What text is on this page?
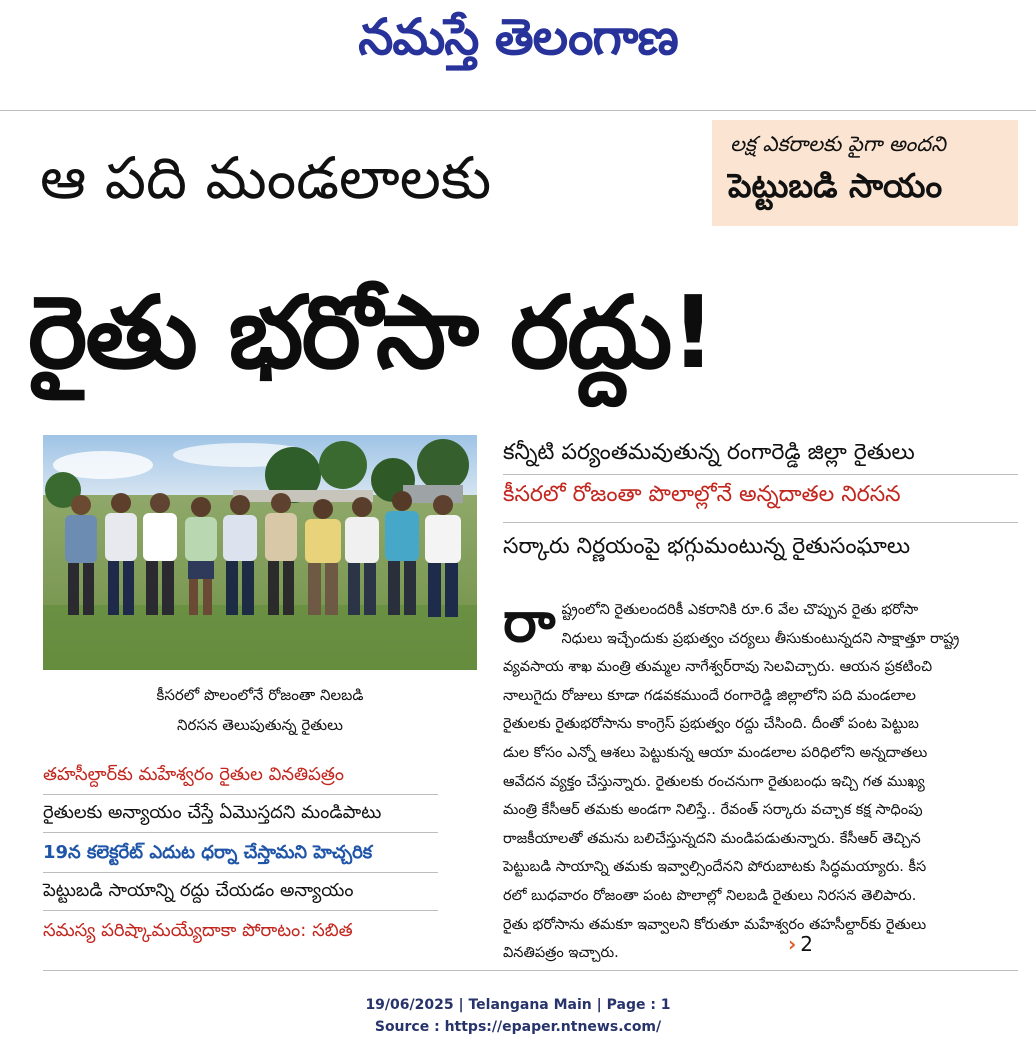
నమస్తే తెలంగాణ
ఆ పది మండలాలకు	లక్ష ఎకరాలకు పైగా అందని
పెట్టుబడి సాయం
రైతు భరోసా రద్దు!
కీసరలో పొలంలోనే రోజంతా నిలబడి
నిరసన తెలుపుతున్న రైతులు
తహసీల్దార్‌కు మహేశ్వరం రైతుల వినతిపత్రం
రైతులకు అన్యాయం చేస్తే ఏమొస్తదని మండిపాటు
19న కలెక్టరేట్ ఎదుట ధర్నా చేస్తామని హెచ్చరిక
పెట్టుబడి సాయాన్ని రద్దు చేయడం అన్యాయం
సమస్య పరిష్కామయ్యేదాకా పోరాటం: సబిత
కన్నీటి పర్యంతమవుతున్న రంగారెడ్డి జిల్లా రైతులు
కీసరలో రోజంతా పొలాల్లోనే అన్నదాతల నిరసన
సర్కారు నిర్ణయంపై భగ్గుమంటున్న రైతుసంఘాలు
రా ష్ట్రంలోని రైతులందరికీ ఎకరానికి రూ.6 వేల చొప్పున రైతు భరోసా
నిధులు ఇచ్చేందుకు ప్రభుత్వం చర్యలు తీసుకుంటున్నదని సాక్షాత్తూ రాష్ట్ర
వ్యవసాయ శాఖ మంత్రి తుమ్మల నాగేశ్వర్‌రావు సెలవిచ్చారు. ఆయన ప్రకటించి
నాలుగైదు రోజులు కూడా గడవకముందే రంగారెడ్డి జిల్లాలోని పది మండలాల
రైతులకు రైతుభరోసాను కాంగ్రెస్ ప్రభుత్వం రద్దు చేసింది. దీంతో పంట పెట్టుబ
డుల కోసం ఎన్నో ఆశలు పెట్టుకున్న ఆయా మండలాల పరిధిలోని అన్నదాతలు
ఆవేదన వ్యక్తం చేస్తున్నారు. రైతులకు రంచనుగా రైతుబంధు ఇచ్చి గత ముఖ్య
మంత్రి కేసీఆర్ తమకు అండగా నిలిస్తే.. రేవంత్ సర్కారు వచ్చాక కక్ష సాధింపు
రాజకీయాలతో తమను బలిచేస్తున్నదని మండిపడుతున్నారు. కేసీఆర్ తెచ్చిన
పెట్టుబడి సాయాన్ని తమకు ఇవ్వాల్సిందేనని పోరుబాటకు సిద్ధమయ్యారు. కీస
రలో బుధవారం రోజంతా పంట పొలాల్లో నిలబడి రైతులు నిరసన తెలిపారు.
రైతు భరోసాను తమకూ ఇవ్వాలని కోరుతూ మహేశ్వరం తహసీల్దార్‌కు రైతులు
వినతిపత్రం ఇచ్చారు.	› 2
19/06/2025 | Telangana Main | Page : 1
Source : https://epaper.ntnews.com/
